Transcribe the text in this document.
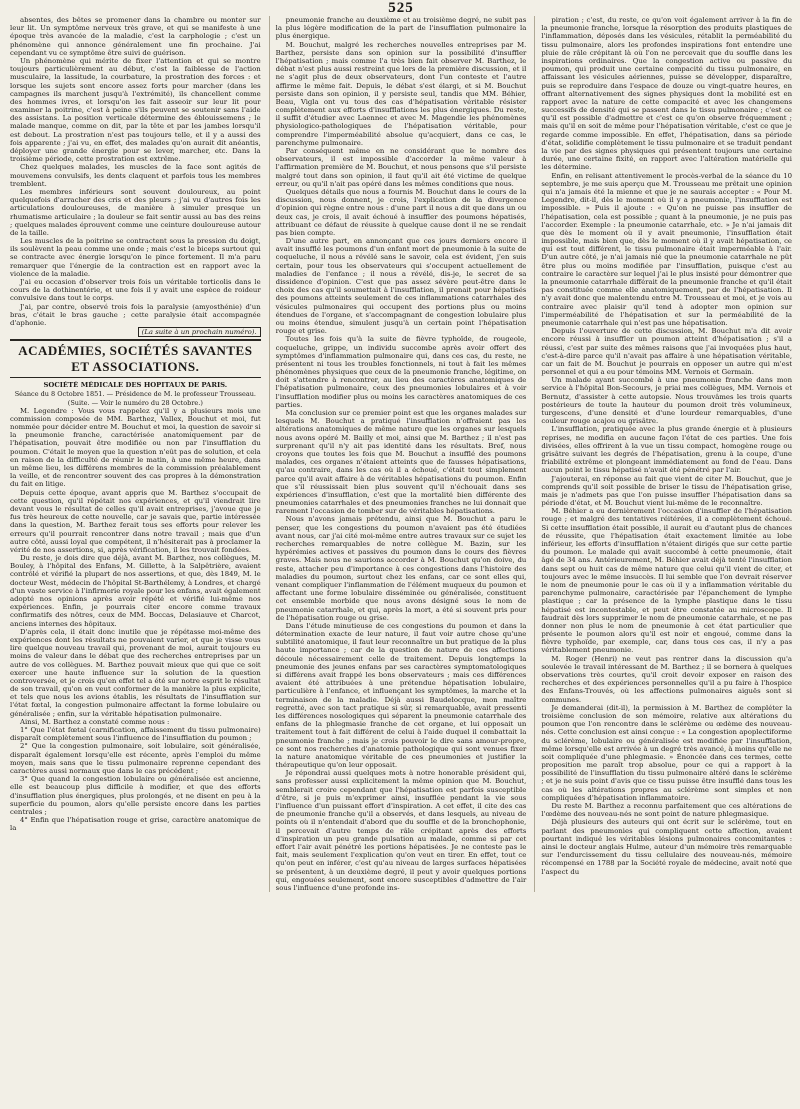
525

absentes, des bêtes se promener dans la chambre ou monter sur leur lit. Un symptôme nerveux très grave, et qui se manifeste à une époque très avancée de la maladie, c'est la carphologie ; c'est un phénomène qui annonce généralement une fin prochaine. J'ai cependant vu ce symptôme être suivi de guérison.

Un phénomène qui mérite de fixer l'attention et qui se montre toujours particulièrement au début, c'est la faiblesse de l'action musculaire, la lassitude, la courbature, la prostration des forces : et lorsque les sujets sont encore assez forts pour marcher (dans les campagnes ils marchent jusqu'à l'extrémité), ils chancellent comme des hommes ivres, et lorsqu'on les fait asseoir sur leur lit pour examiner la poitrine, c'est à peine s'ils peuvent se soutenir sans l'aide des assistans. La position verticale détermine des éblouissemens ; le malade manque, comme on dit, par la tête et par les jambes lorsqu'il est debout. La prostration n'est pas toujours telle, et il y a aussi des fois apparente ; j'ai vu, en effet, des malades qu'on aurait dit anéantis, déployer une grande énergie pour se lever, marcher, etc. Dans la troisième période, cette prostration est extrême.

Chez quelques malades, les muscles de la face sont agités de mouvemens convulsifs, les dents claquent et parfois tous les membres tremblent.

Les membres inférieurs sont souvent douloureux, au point quelquefois d'arracher des cris et des pleurs ; j'ai vu d'autres fois les articulations douloureuses, de manière à simuler presque un rhumatisme articulaire ; la douleur se fait sentir aussi au bas des reins ; quelques malades éprouvent comme une ceinture douloureuse autour de la taille.

Les muscles de la poitrine se contractent sous la pression du doigt, ils soulèvent la peau comme une onde ; mais c'est le biceps surtout qui se contracte avec énergie lorsqu'on le pince fortement. Il m'a paru remarquer que l'énergie de la contraction est en rapport avec la violence de la maladie.

J'ai eu occasion d'observer trois fois un véritable torticolis dans le cours de la dothinentérie, et une fois il y avait une espèce de roideur convulsive dans tout le corps.

J'ai, par contre, observé trois fois la paralysie (amyosthénie) d'un bras, c'était le bras gauche ; cette paralysie était accompagnée d'aphonie.

(La suite à un prochain numéro).
ACADÉMIES, SOCIÉTÉS SAVANTES ET ASSOCIATIONS.
SOCIÉTÉ MÉDICALE DES HOPITAUX DE PARIS.
Séance du 8 Octobre 1851. — Présidence de M. le professeur Trousseau.
(Suite. — Voir le numéro du 28 Octobre.)

M. Legendre : Vous vous rappelez qu'il y a plusieurs mois une commission composée de MM. Barthez, Vallex, Bouchut et moi, fut nommée pour décider entre M. Bouchut et moi, la question de savoir si la pneumonie franche, caractérisée anatomiquement par de l'hépatisation, pouvait être modifiée ou non par l'insufflation du poumon. C'était le moyen que la question n'eût pas de solution, et cela en raison de la difficulté de réunir le matin, à une même heure, dans un même lieu, les différens membres de la commission préalablement la veille, et de rencontrer souvent des cas propres à la démonstration du fait en litige.

Depuis cette époque, avant appris que M. Barthez s'occupait de cette question, qu'il répétait nos expériences, et qu'il viendrait lire devant vous le résultat de celles qu'il avait entreprises, j'avoue que je fus très heureux de cette nouvelle, car je savais que, partie intéressée dans la question, M. Barthez ferait tous ses efforts pour relever les erreurs qu'il pourrait rencontrer dans notre travail ; mais que d'un autre côté, aussi loyal que compétent, il n'hésiterait pas à proclamer la vérité de nos assertions, si, après vérification, il les trouvait fondées.

Du reste, je dois dire que déjà, avant M. Barthez, nos collègues, M. Bouley, à l'hôpital des Enfans, M. Gillette, à la Salpêtrière, avaient contrôlé et vérifié la plupart de nos assertions, et que, dès 1849, M. le docteur West, médecin de l'hôpital St-Barthélemy, à Londres, et chargé d'un vaste service à l'infirmerie royale pour les enfans, avait également adopté nos opinions après avoir répété et vérifié lui-même nos expériences. Enfin, je pourrais citer encore comme travaux confirmatifs des nôtres, ceux de MM. Boccas, Delasiauve et Charcot, anciens internes des hôpitaux.

D'après cela, il était donc inutile que je répétasse moi-même des expériences dont les résultats ne pouvaient varier, et que je visse vous lire quelque nouveau travail qui, provenant de moi, aurait toujours eu moins de valeur dans le débat que des recherches entreprises par un autre de vos collègues. M. Barthez pouvait mieux que qui que ce soit exercer une haute influence sur la solution de la question controversée, et je crois qu'en effet tel a été sur notre esprit le résultat de son travail, qu'on en veut conformer de la manière la plus explicite, et tels que nous les avions établis, les résultats de l'insufflation sur l'état fœtal, la congestion pulmonaire affectant la forme lobulaire ou généralisée ; enfin, sur la véritable hépatisation pulmonaire.

Ainsi, M. Barthez a constaté comme nous :

1° Que l'état fœtal (carnification, affaissement du tissu pulmonaire) disparaît complètement sous l'influence de l'insufflation du poumon ;

2° Que la congestion pulmonaire, soit lobulaire, soit généralisée, disparaît également lorsqu'elle est récente, après l'emploi du même moyen, mais sans que le tissu pulmonaire reprenne cependant des caractères aussi normaux que dans le cas précédent ;

3° Que quand la congestion lobulaire ou généralisée est ancienne, elle est beaucoup plus difficile à modifier, et que des efforts d'insufflation plus énergiques, plus prolongés, et ne disent en peu à la superficie du poumon, alors qu'elle persiste encore dans les parties centrales ;

4° Enfin que l'hépatisation rouge et grise, caractère anatomique de la

pneumonie franche au deuxième et au troisième degré, ne subit pas la plus légère modification de la part de l'insufflation pulmonaire la plus énergique.

M. Bouchut, malgré les recherches nouvelles entreprises par M. Barthez, persiste dans son opinion sur la possibilité d'insuffler l'hépatisation ; mais comme l'a très bien fait observer M. Barthez, le débat n'est plus aussi restreint que lors de la première discussion, et il ne s'agit plus de deux observateurs, dont l'un conteste et l'autre affirme le même fait. Depuis, le débat s'est élargi, et si M. Bouchut persiste dans son opinion, il y persiste seul, tandis que MM. Béhier, Beau, Vigla ont vu tous des cas d'hépatisation véritable résister complètement aux efforts d'insufflations les plus énergiques. Du reste, il suffit d'étudier avec Laennec et avec M. Magendie les phénomènes physiologico-pathologiques de l'hépatisation véritable, pour comprendre l'imperméabilité absolue qu'acquiert, dans ce cas, le parenchyme pulmonaire.

Par conséquent même en ne considérant que le nombre des observateurs, il est impossible d'accorder la même valeur à l'affirmation première de M. Bouchut, et nous pensons que s'il persiste malgré tout dans son opinion, il faut qu'il ait été victime de quelque erreur, ou qu'il n'ait pas opéré dans les mêmes conditions que nous.

Quelques détails que nous a fournis M. Bouchut dans le cours de la discussion, nous donnent, je crois, l'explication de la divergence d'opinion qui règne entre nous : d'une part il nous a dit que dans un ou deux cas, je crois, il avait échoué à insuffler des poumons hépatisés, attribuant ce défaut de réussite à quelque cause dont il ne se rendait pas bien compte.

D'une autre part, en annonçant que ces jours derniers encore il avait insufflé les poumons d'un enfant mort de pneumonie à la suite de coqueluche, il nous a révélé sans le savoir, cela est évident, j'en suis certain, pour tous les observateurs qui s'occupent actuellement de maladies de l'enfance ; il nous a révélé, dis-je, le secret de sa dissidence d'opinion. C'est que pas assez sévère peut-être dans le choix des cas qu'il soumettait à l'insufflation, il prenait pour hépatisés des poumons atteints seulement de ces inflammations catarrhales des vésicules pulmonaires qui occupent des portions plus ou moins étendues de l'organe, et s'accompagnant de congestion lobulaire plus ou moins étendue, simulent jusqu'à un certain point l'hépatisation rouge et grise.

Toutes les fois qu'à la suite de fièvre typhoïde, de rougeole, coqueluche, grippe, un individu succombe après avoir offert des symptômes d'inflammation pulmonaire qui, dans ces cas, du reste, ne présentent ni tous les troubles fonctionnels, ni tout à fait les mêmes phénomènes physiques que ceux de la pneumonie franche, légitime, on doit s'attendre à rencontrer, au lieu des caractères anatomiques de l'hépatisation pulmonaire, ceux des pneumonies lobulaires et à voir l'insufflation modifier plus ou moins les caractères anatomiques de ces parties.

Ma conclusion sur ce premier point est que les organes malades sur lesquels M. Bouchut a pratiqué l'insufflation n'offraient pas les altérations anatomiques de même nature que les organes sur lesquels nous avons opéré M. Bailly et moi, ainsi que M. Barthez ; il n'est pas surprenant qu'il n'y ait pas identité dans les résultats. Bref, nous croyons que toutes les fois que M. Bouchut a insufflé des poumons malades, ces organes n'étaient atteints que de fausses hépatisations, qu'au contraire, dans les cas où il a échoué, c'était tout simplement parce qu'il avait affaire à de véritables hépatisations du poumon. Enfin que s'il réussissait bien plus souvent qu'il n'échouait dans ses expériences d'insufflation, c'est que la mortalité bien différente des pneumonies catarrhales et des pneumonies franches ne lui donnait que rarement l'occasion de tomber sur de véritables hépatisations.

Nous n'avons jamais prétendu, ainsi que M. Bouchut a paru le penser, que les congestions du poumon n'avaient pas été étudiées avant nous, car j'ai cité moi-même entre autres travaux sur ce sujet les recherches remarquables de notre collègue M. Bazin, sur les hypérémies actives et passives du poumon dans le cours des fièvres graves. Mais nous ne saurions accorder à M. Bouchut qu'on doive, du reste, attacher peu d'importance à ces congestions dans l'histoire des maladies du poumon, surtout chez les enfans, car ce sont elles qui, venant compliquer l'inflammation de l'élément muqueux du poumon et affectant une forme lobulaire disséminée ou généralisée, constituent cet ensemble morbide que nous avons désigné sous le nom de pneumonie catarrhale, et qui, après la mort, a été si souvent pris pour de l'hépatisation rouge ou grise.

Dans l'étude minutieuse de ces congestions du poumon et dans la détermination exacte de leur nature, il faut voir autre chose qu'une subtilité anatomique, il faut leur reconnaître un but pratique de la plus haute importance ; car de la question de nature de ces affections découle nécessairement celle de traitement. Depuis longtemps la pneumonie des jeunes enfans par ses caractères symptomatologiques si différens avait frappé les bons observateurs ; mais ces différences avaient été attribuées à une prétendue hépatisation lobulaire, particulière à l'enfance, et influençant les symptômes, la marche et la terminaison de la maladie. Déjà aussi Baudelocque, mon maître regretté, avec son tact pratique si sûr, si remarquable, avait pressenti les différences nosologiques qui séparent la pneumonie catarrhale des enfans de la phlegmasie franche de cet organe, et lui opposait un traitement tout à fait différent de celui à l'aide duquel il combattait la pneumonie franche ; mais je crois pouvoir le dire sans amour-propre, ce sont nos recherches d'anatomie pathologique qui sont venues fixer la nature anatomique véritable de ces pneumonies et justifier la thérapeutique qu'on leur opposait.

Je répondrai aussi quelques mots à notre honorable président qui, sans professer aussi explicitement la même opinion que M. Bouchut, semblerait croire cependant que l'hépatisation est parfois susceptible d'être, si je puis m'exprimer ainsi, insufflée pendant la vie sous l'influence d'un puissant effort d'inspiration. A cet effet, il cite des cas de pneumonie franche qu'il a observés, et dans lesquels, au niveau de points où il n'entendait d'abord que du souffle et de la bronchophonie, il percevait d'autre temps de râle crépitant après des efforts d'inspiration un peu grande pulsation au malade, comme si par cet effort l'air avait pénétré les portions hépatisées. Je ne conteste pas le fait, mais seulement l'explication qu'on veut en tirer. En effet, tout ce qu'on peut en inférer, c'est qu'au niveau de larges surfaces hépatisées se présentent, à un deuxième degré, il peut y avoir quelques portions qui, engouées seulement, sont encore susceptibles d'admettre de l'air sous l'influence d'une profonde ins-

piration ; c'est, du reste, ce qu'on voit également arriver à la fin de la pneumonie franche, lorsque la résorption des produits plastiques de l'inflammation, déposés dans les vésicules, rétablit la perméabilité du tissu pulmonaire, alors les profondes inspirations font entendre une pluie de râle crépitant là où l'on ne percevait que du souffle dans les inspirations ordinaires. Que la congestion active ou passive du poumon, qui produit une certaine compacité du tissu pulmonaire, en affaissant les vésicules aériennes, puisse se développer, disparaître, puis se reproduire dans l'espace de douze ou vingt-quatre heures, en offrant alternativement des signes physiques dont la mobilité est en rapport avec la nature de cette compacité et avec les changemens successifs de densité qui se passent dans le tissu pulmonaire ; c'est ce qu'il est possible d'admettre et c'est ce qu'on observe fréquemment ; mais qu'il en soit de même pour l'hépatisation véritable, c'est ce que je regarde comme impossible. En effet, l'hépatisation, dans sa période d'état, solidifie complètement le tissu pulmonaire et se traduit pendant la vie par des signes physiques qui présentent toujours une certaine durée, une certaine fixité, en rapport avec l'altération matérielle qui les détermine.

Enfin, en relisant attentivement le procès-verbal de la séance du 10 septembre, je me suis aperçu que M. Trousseau me prêtait une opinion qui n'a jamais été la mienne et que je ne saurais accepter : « Pour M. Legendre, dit-il, dès le moment où il y a pneumonie, l'insufflation est impossible. » Puis il ajoute : « Qu'on ne puisse pas insuffler de l'hépatisation, cela est possible ; quant à la pneumonie, je ne puis pas l'accorder. Exemple : la pneumonie catarrhale, etc. » Je n'ai jamais dit que dès le moment où il y avait pneumonie, l'insufflation était impossible, mais bien que, dès le moment où il y avait hépatisation, ce qui est tout différent, le tissu pulmonaire était imperméable à l'air. D'un autre côté, je n'ai jamais nié que la pneumonie catarrhale ne pût être plus ou moins modifiée par l'insufflation, puisque c'est au contraire le caractère sur lequel j'ai le plus insisté pour démontrer que la pneumonie catarrhale différait de la pneumonie franche et qu'il était pas constituée comme elle anatomiquement, par de l'hépatisation. Il n'y avait donc que malentendu entre M. Trousseau et moi, et je vois au contraire avec plaisir qu'il tend à adopter mon opinion sur l'imperméabilité de l'hépatisation et sur la perméabilité de la pneumonie catarrhale qui n'est pas une hépatisation.

Depuis l'ouverture de cette discussion, M. Bouchut m'a dit avoir encore réussi à insuffler un poumon atteint d'hépatisation ; s'il a réussi, c'est par suite des mêmes raisons que j'ai invoquées plus haut, c'est-à-dire parce qu'il n'avait pas affaire à une hépatisation véritable, car un fait de M. Bouchut je pourrais en opposer un autre qui m'est personnel et qui a eu pour témoins MM. Vernois et Germain.

Un malade ayant succombé à une pneumonie franche dans mon service à l'hôpital Bon-Secours, je priai mes collègues, MM. Vernois et Bernutz, d'assister à cette autopsie. Nous trouvâmes les trois quarts postérieurs de toute la hauteur du poumon droit très volumineux, turgescens, d'une densité et d'une lourdeur remarquables, d'une couleur rouge acajou ou grisâtre.

L'insufflation, pratiquée avec la plus grande énergie et à plusieurs reprises, ne modifia en aucune façon l'état de ces parties. Une fois divisées, elles offrirent à la vue un tissu compact, homogène rouge ou grisâtre suivant les degrés de l'hépatisation, grenu à la coupe, d'une friabilité extrême et plongeant immédiatement au fond de l'eau. Dans aucun point le tissu hépatisé n'avait été pénétré par l'air.

J'ajouterai, en réponse au fait que vient de citer M. Bouchut, que je comprends qu'il soit possible de briser le tissu de l'hépatisation grise, mais je n'admets pas que l'on puisse insuffler l'hépatisation dans sa période d'état, et M. Bouchut vient lui-même de le reconnaître.

M. Béhier a eu dernièrement l'occasion d'insuffler de l'hépatisation rouge ; et malgré des tentatives réitérées, il a complètement échoué. Si cette insufflation était possible, il aurait eu d'autant plus de chances de réussite, que l'hépatisation était exactement limitée au lobe inférieur, les efforts d'insufflation n'étaient dirigés que sur cette partie du poumon. Le malade qui avait succombé à cette pneumonie, était âgé de 34 ans. Antérieurement, M. Béhier avait déjà tenté l'insufflation dans sept ou huit cas de même nature que celui qu'il vient de citer, et toujours avec le même insuccès. Il lui semble que l'on devrait réserver le nom de pneumonie pour le cas où il y a inflammation véritable du parenchyme pulmonaire, caractérisée par l'épanchement de lymphe plastique ; car la présence de la lymphe plastique dans le tissu hépatisé est incontestable, et peut être constatée au microscope. Il faudrait dès lors supprimer le nom de pneumonie catarrhale, et ne pas donner non plus le nom de pneumonie à cet état particulier que présente le poumon alors qu'il est noir et engoué, comme dans la fièvre typhoïde, par exemple, car, dans tous ces cas, il n'y a pas véritablement pneumonie.

M. Roger (Henri) ne veut pas rentrer dans la discussion qu'a soulevée le travail intéressant de M. Barthez ; il se bornera à quelques observations très courtes, qu'il croit devoir exposer en raison des recherches et des expériences personnelles qu'il a pu faire à l'hospice des Enfans-Trouvés, où les affections pulmonaires aiguës sont si communes.

Je demanderai (dit-il), la permission à M. Barthez de compléter la troisième conclusion de son mémoire, relative aux altérations du poumon que l'on rencontre dans le sclérème ou œdème des nouveau-nés. Cette conclusion est ainsi conçue : « La congestion apoplectiforme du sclérème, lobulaire ou généralisée est modifiée par l'insufflation, même lorsqu'elle est arrivée à un degré très avancé, à moins qu'elle ne soit compliquée d'une phlegmasie. » Énoncée dans ces termes, cette proposition me paraît trop absolue, pour ce qui a rapport à la possibilité de l'insufflation du tissu pulmonaire altéré dans le sclérème ; et je ne suis point d'avis que ce tissu puisse être insufflé dans tous les cas où les altérations propres au sclérème sont simples et non compliquées d'hépatisation inflammatoire.

Du reste M. Barthez a reconnu parfaitement que ces altérations de l'œdème des nouveau-nés ne sont point de nature phlegmasique.

Déjà plusieurs des auteurs qui ont écrit sur le sclérème, tout en parlant des pneumonies qui compliquent cette affection, avaient pourtant indiqué les véritables lésions pulmonaires concomitantes : ainsi le docteur anglais Hulme, auteur d'un mémoire très remarquable sur l'endurcissement du tissu cellulaire des nouveau-nés, mémoire récompensé en 1788 par la Société royale de médecine, avait noté que l'aspect du
